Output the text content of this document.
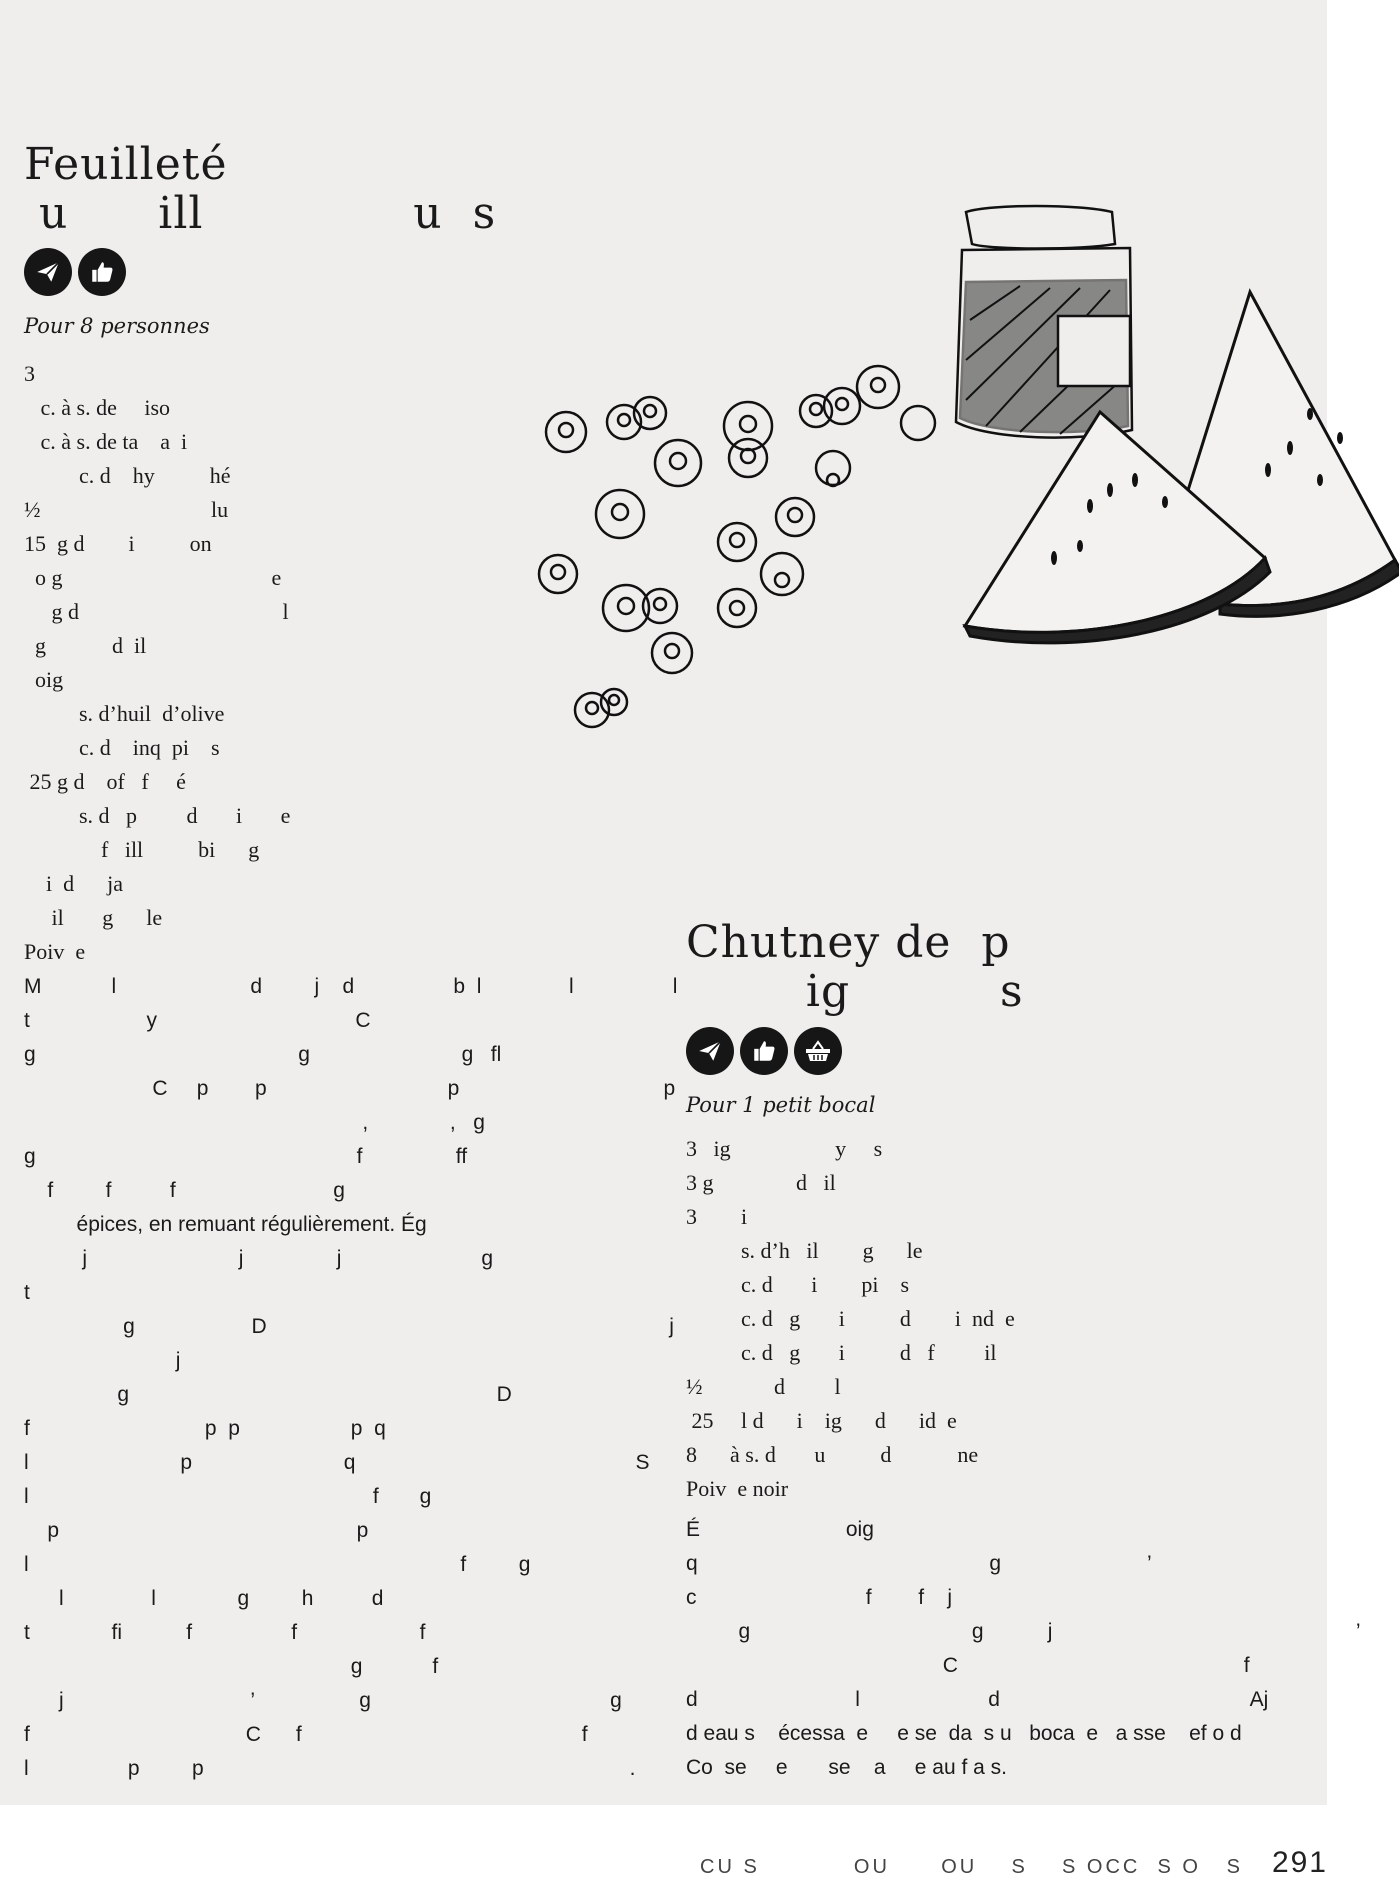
Feuilleté
u      ill              u  s

Pour 8 personnes

3
c. à s. de     iso
c. à s. de ta    a  i
c. d    hy          hé
½                               lu
15  g d        i          on
o g                                      e
g d                                     l
g            d  il
oig
s. d’huil  d’olive
c. d    inq  pi    s
25 g d    of   f     é
s. d   p         d       i       e
f   ill          bi      g
i  d      ja
il       g      le
Poiv  e
M            l                       d         j    d                 b  l               l                 l
t                    y                                  C
g                                             g                          g   fl
C     p        p                               p                                   p
,              ,   g
g                                                       f                ff
f         f          f                           g
épices, en remuant régulièrement. Ég
j                          j                j                        g
t
g                    D                                                                     j
j
g                                                               D
f                              p  p                   p  q
l                          p                          q                                                S
l                                                           f       g
p                                                   p
l                                                                          f         g
l               l              g         h          d
t              fi           f                 f                     f
g            f
j                                ’                  g                                         g
f                                     C      f                                                f
l                 p         p                                                                         .
Chutney de  p
ig          s

Pour 1 petit bocal

3   ig                   y     s
3 g               d   il
3        i
s. d’h   il        g      le
c. d       i        pi    s
c. d   g       i          d        i  nd  e
c. d   g       i          d   f         il
½             d         l
25     l d      i    ig      d      id  e
8      à s. d       u          d            ne
Poiv  e noir
É                         oig
q                                                  g                         ’
c                             f        f    j
g                                      g           j                                                    ’
C                                                 f
d                           l                      d                                           Aj
d eau s    écessa  e     e se  da  s u   boca  e   a sse    ef o d
Co  se     e       se    a     e au f a s.
CU S           OU      OU    S    S OCC  S O   S 291
